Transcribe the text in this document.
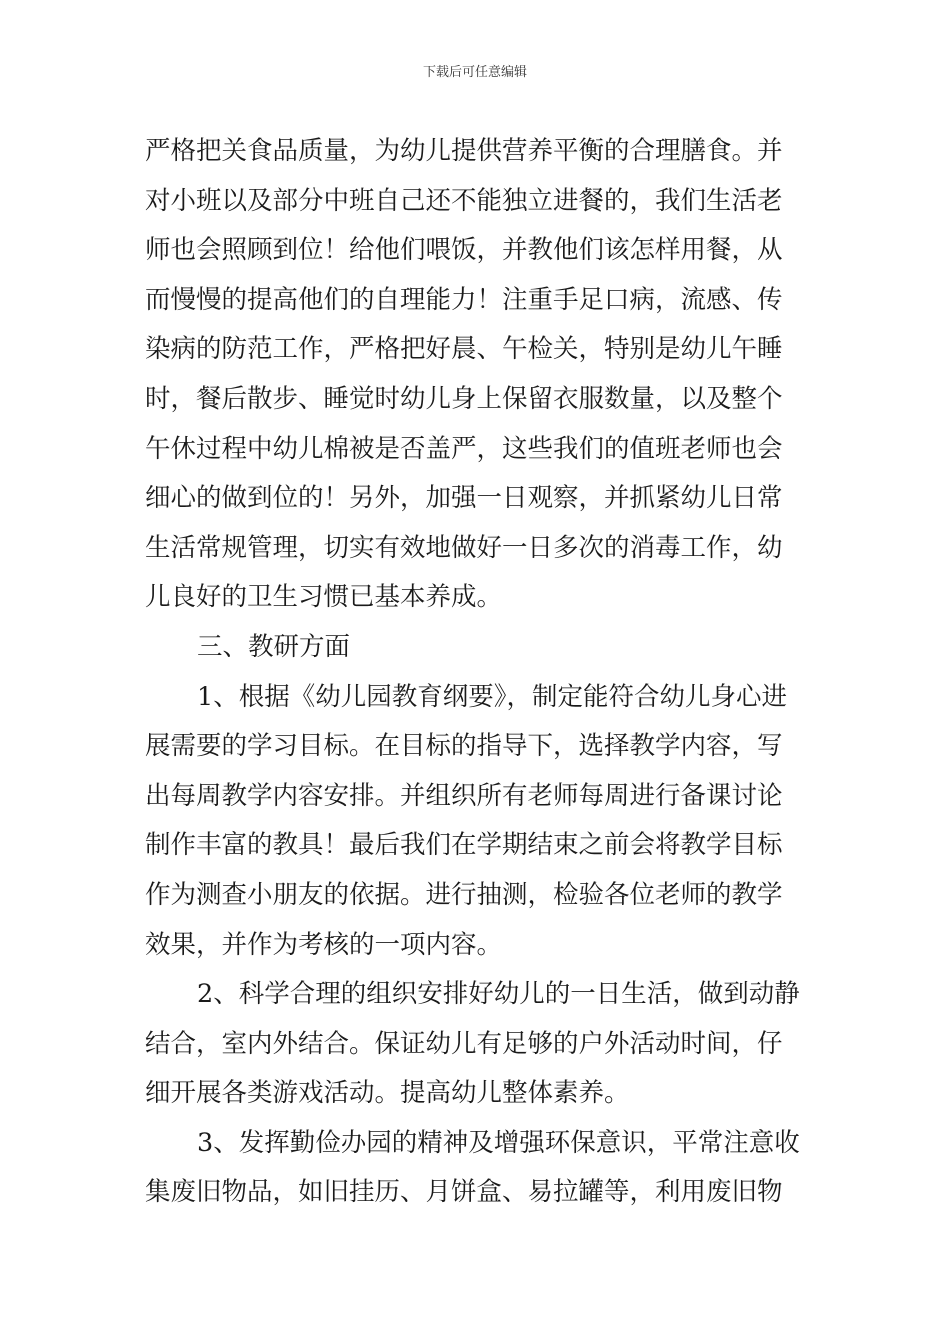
下载后可任意编辑
严格把关食品质量，为幼儿提供营养平衡的合理膳食。并
对小班以及部分中班自己还不能独立进餐的，我们生活老
师也会照顾到位！给他们喂饭，并教他们该怎样用餐，从
而慢慢的提高他们的自理能力！注重手足口病，流感、传
染病的防范工作，严格把好晨、午检关，特别是幼儿午睡
时，餐后散步、睡觉时幼儿身上保留衣服数量，以及整个
午休过程中幼儿棉被是否盖严，这些我们的值班老师也会
细心的做到位的！另外，加强一日观察，并抓紧幼儿日常
生活常规管理，切实有效地做好一日多次的消毒工作，幼
儿良好的卫生习惯已基本养成。
三、教研方面
1、根据《幼儿园教育纲要》，制定能符合幼儿身心进
展需要的学习目标。在目标的指导下，选择教学内容，写
出每周教学内容安排。并组织所有老师每周进行备课讨论
制作丰富的教具！最后我们在学期结束之前会将教学目标
作为测查小朋友的依据。进行抽测，检验各位老师的教学
效果，并作为考核的一项内容。
2、科学合理的组织安排好幼儿的一日生活，做到动静
结合，室内外结合。保证幼儿有足够的户外活动时间，仔
细开展各类游戏活动。提高幼儿整体素养。
3、发挥勤俭办园的精神及增强环保意识，平常注意收
集废旧物品，如旧挂历、月饼盒、易拉罐等，利用废旧物
